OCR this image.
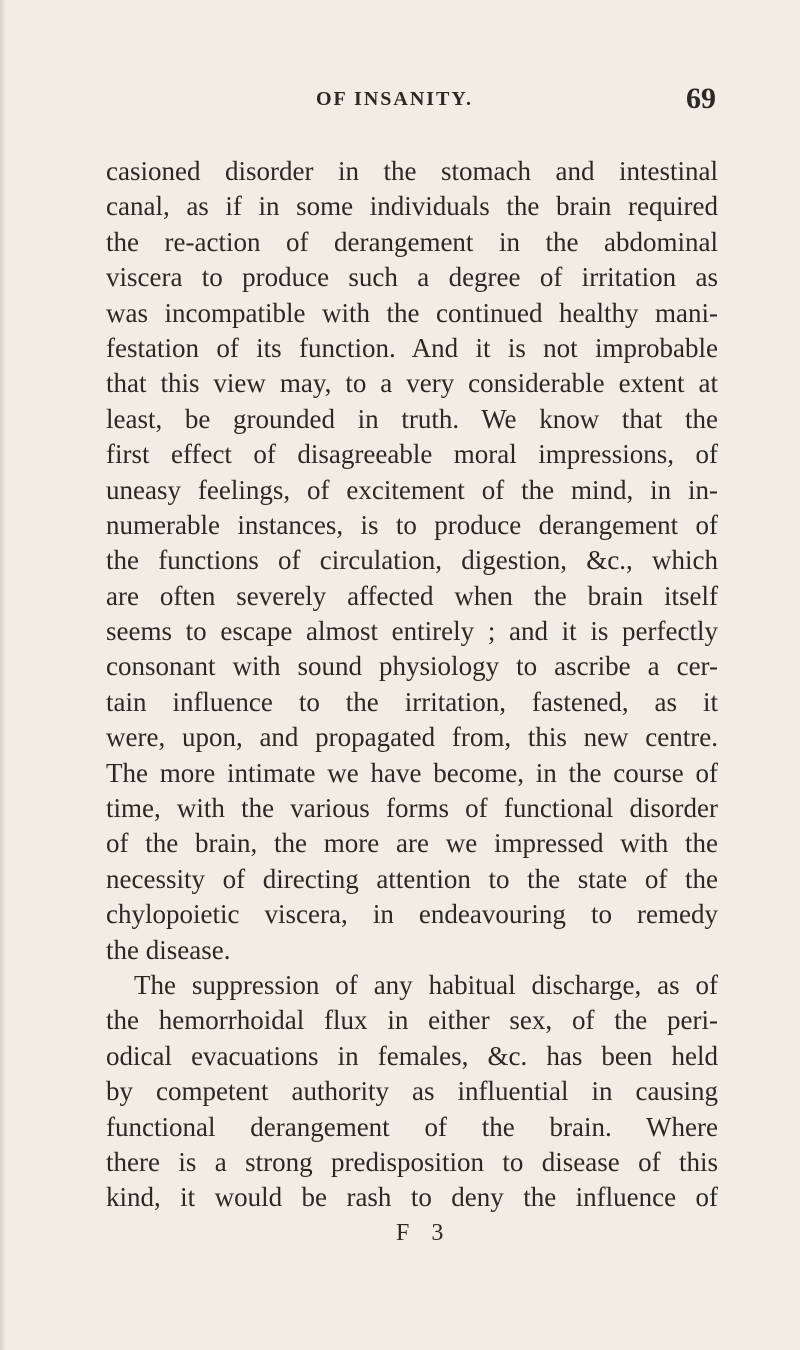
OF INSANITY.	69
casioned disorder in the stomach and intestinal
canal, as if in some individuals the brain required
the re-action of derangement in the abdominal
viscera to produce such a degree of irritation as
was incompatible with the continued healthy mani-
festation of its function. And it is not improbable
that this view may, to a very considerable extent at
least, be grounded in truth. We know that the
first effect of disagreeable moral impressions, of
uneasy feelings, of excitement of the mind, in in-
numerable instances, is to produce derangement of
the functions of circulation, digestion, &c., which
are often severely affected when the brain itself
seems to escape almost entirely ; and it is perfectly
consonant with sound physiology to ascribe a cer-
tain influence to the irritation, fastened, as it
were, upon, and propagated from, this new centre.
The more intimate we have become, in the course of
time, with the various forms of functional disorder
of the brain, the more are we impressed with the
necessity of directing attention to the state of the
chylopoietic viscera, in endeavouring to remedy
the disease.
The suppression of any habitual discharge, as of
the hemorrhoidal flux in either sex, of the peri-
odical evacuations in females, &c. has been held
by competent authority as influential in causing
functional derangement of the brain. Where
there is a strong predisposition to disease of this
kind, it would be rash to deny the influence of
F 3
